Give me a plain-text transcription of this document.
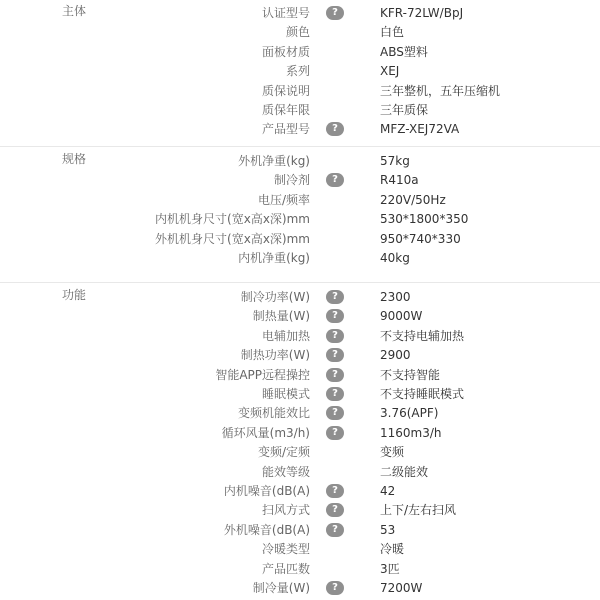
主体	认证型号	?	KFR-72LW/BpJ
颜色	白色
面板材质	ABS塑料
系列	XEJ
质保说明	三年整机，五年压缩机
质保年限	三年质保
产品型号	?	MFZ-XEJ72VA
规格	外机净重(kg)	57kg
制冷剂	?	R410a
电压/频率	220V/50Hz
内机机身尺寸(宽x高x深)mm	530*1800*350
外机机身尺寸(宽x高x深)mm	950*740*330
内机净重(kg)	40kg
功能	制冷功率(W)	?	2300
制热量(W)	?	9000W
电辅加热	?	不支持电辅加热
制热功率(W)	?	2900
智能APP远程操控	?	不支持智能
睡眠模式	?	不支持睡眠模式
变频机能效比	?	3.76(APF)
循环风量(m3/h)	?	1160m3/h
变频/定频	变频
能效等级	二级能效
内机噪音(dB(A)	?	42
扫风方式	?	上下/左右扫风
外机噪音(dB(A)	?	53
冷暖类型	冷暖
产品匹数	3匹
制冷量(W)	?	7200W
